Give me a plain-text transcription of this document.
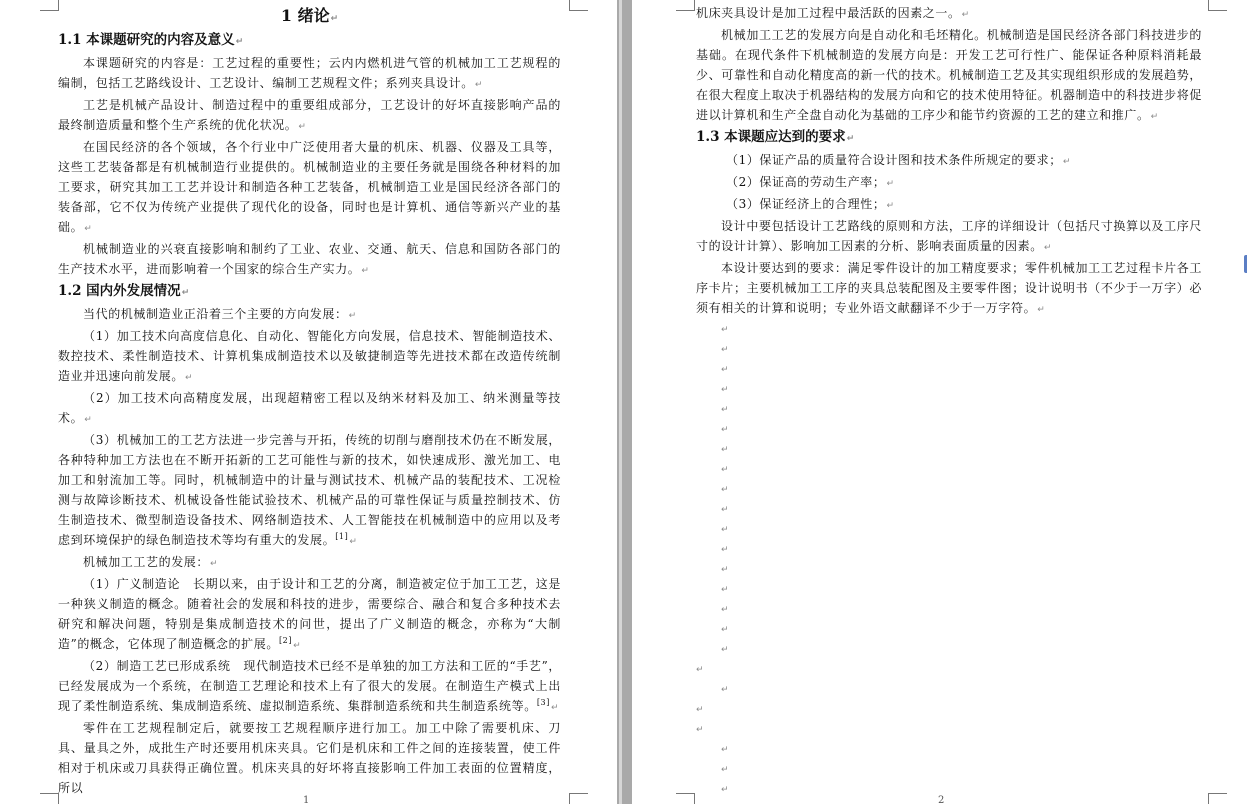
1 绪论↵

1.1 本课题研究的内容及意义↵

本课题研究的内容是：工艺过程的重要性；云内内燃机进气管的机械加工工艺规程的编制，包括工艺路线设计、工艺设计、编制工艺规程文件；系列夹具设计。↵

工艺是机械产品设计、制造过程中的重要组成部分，工艺设计的好坏直接影响产品的最终制造质量和整个生产系统的优化状况。↵

在国民经济的各个领域，各个行业中广泛使用者大量的机床、机器、仪器及工具等，这些工艺装备都是有机械制造行业提供的。机械制造业的主要任务就是围绕各种材料的加工要求，研究其加工工艺并设计和制造各种工艺装备，机械制造工业是国民经济各部门的装备部，它不仅为传统产业提供了现代化的设备，同时也是计算机、通信等新兴产业的基础。↵

机械制造业的兴衰直接影响和制约了工业、农业、交通、航天、信息和国防各部门的生产技术水平，进而影响着一个国家的综合生产实力。↵

1.2 国内外发展情况↵

当代的机械制造业正沿着三个主要的方向发展：↵

（1）加工技术向高度信息化、自动化、智能化方向发展，信息技术、智能制造技术、数控技术、柔性制造技术、计算机集成制造技术以及敏捷制造等先进技术都在改造传统制造业并迅速向前发展。↵

（2）加工技术向高精度发展，出现超精密工程以及纳米材料及加工、纳米测量等技术。↵

（3）机械加工的工艺方法进一步完善与开拓，传统的切削与磨削技术仍在不断发展，各种特种加工方法也在不断开拓新的工艺可能性与新的技术，如快速成形、激光加工、电加工和射流加工等。同时，机械制造中的计量与测试技术、机械产品的装配技术、工况检测与故障诊断技术、机械设备性能试验技术、机械产品的可靠性保证与质量控制技术、仿生制造技术、微型制造设备技术、网络制造技术、人工智能技在机械制造中的应用以及考虑到环境保护的绿色制造技术等均有重大的发展。[1]↵

机械加工工艺的发展：↵

（1）广义制造论　长期以来，由于设计和工艺的分离，制造被定位于加工工艺，这是一种狭义制造的概念。随着社会的发展和科技的进步，需要综合、融合和复合多种技术去研究和解决问题，特别是集成制造技术的问世，提出了广义制造的概念，亦称为“大制造”的概念，它体现了制造概念的扩展。[2]↵

（2）制造工艺已形成系统　现代制造技术已经不是单独的加工方法和工匠的“手艺”，已经发展成为一个系统，在制造工艺理论和技术上有了很大的发展。在制造生产模式上出现了柔性制造系统、集成制造系统、虚拟制造系统、集群制造系统和共生制造系统等。[3]↵

零件在工艺规程制定后，就要按工艺规程顺序进行加工。加工中除了需要机床、刀具、量具之外，成批生产时还要用机床夹具。它们是机床和工件之间的连接装置，使工件相对于机床或刀具获得正确位置。机床夹具的好坏将直接影响工件加工表面的位置精度，所以

1

机床夹具设计是加工过程中最活跃的因素之一。↵

机械加工工艺的发展方向是自动化和毛坯精化。机械制造是国民经济各部门科技进步的基础。在现代条件下机械制造的发展方向是：开发工艺可行性广、能保证各种原料消耗最少、可靠性和自动化精度高的新一代的技术。机械制造工艺及其实现组织形成的发展趋势，在很大程度上取决于机器结构的发展方向和它的技术使用特征。机器制造中的科技进步将促进以计算机和生产全盘自动化为基础的工序少和能节约资源的工艺的建立和推广。↵

1.3 本课题应达到的要求↵

（1）保证产品的质量符合设计图和技术条件所规定的要求；↵

（2）保证高的劳动生产率；↵

（3）保证经济上的合理性；↵

设计中要包括设计工艺路线的原则和方法，工序的详细设计（包括尺寸换算以及工序尺寸的设计计算）、影响加工因素的分析、影响表面质量的因素。↵

本设计要达到的要求：满足零件设计的加工精度要求；零件机械加工工艺过程卡片各工序卡片；主要机械加工工序的夹具总装配图及主要零件图；设计说明书（不少于一万字）必须有相关的计算和说明；专业外语文献翻译不少于一万字符。↵

↵
↵
↵
↵
↵
↵
↵
↵
↵
↵
↵
↵
↵
↵
↵
↵
↵
↵
↵
↵
↵
↵
↵
↵
2
